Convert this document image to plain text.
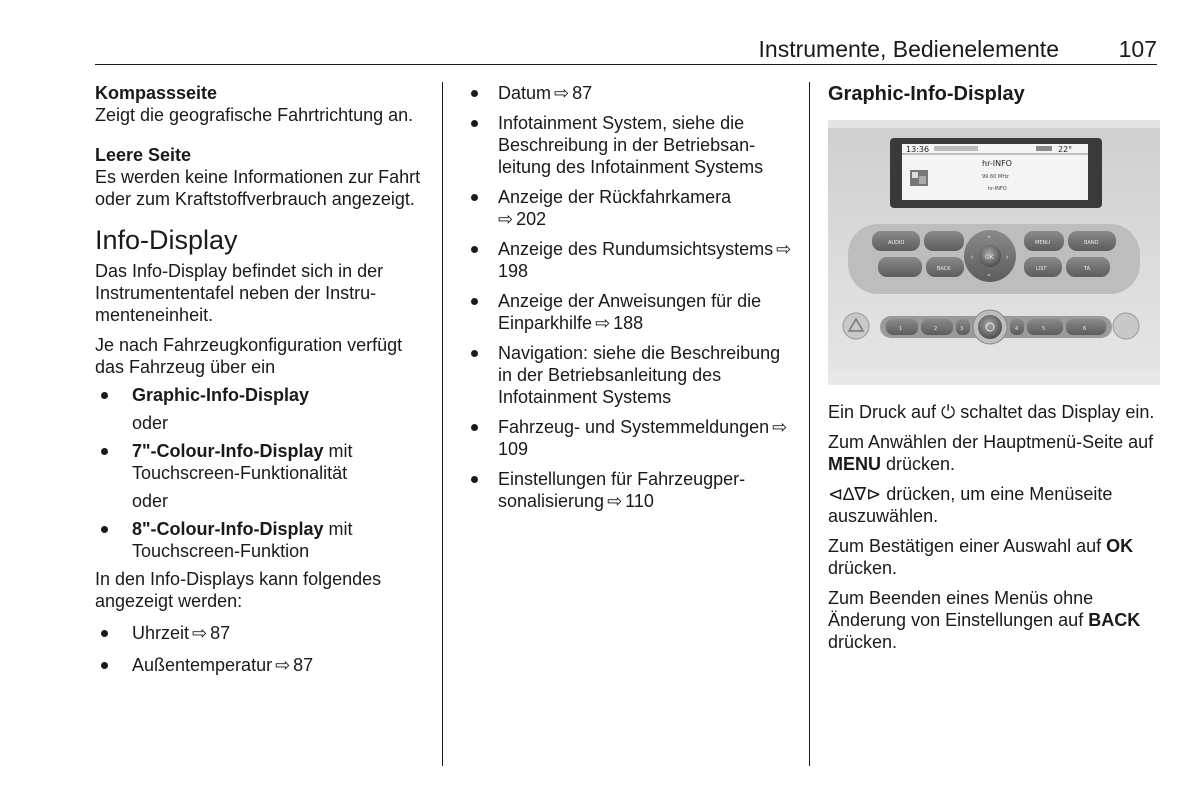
Instrumente, Bedienelemente	107

Kompassseite

Zeigt die geografische Fahrtrichtung an.

Leere Seite

Es werden keine Informationen zur Fahrt oder zum Kraftstoffverbrauch angezeigt.

Info-Display

Das Info-Display befindet sich in der Instrumententafel neben der Instrumenteneinheit.

Je nach Fahrzeugkonfiguration verfügt das Fahrzeug über ein

Graphic-Info-Display

oder

7"-Colour-Info-Display mit Touchscreen-Funktionalität

oder

8"-Colour-Info-Display mit Touchscreen-Funktion

In den Info-Displays kann folgendes angezeigt werden:

Uhrzeit ⇨ 87
Außentemperatur ⇨ 87
Datum ⇨ 87
Infotainment System, siehe die Beschreibung in der Betriebsanleitung des Infotainment Systems
Anzeige der Rückfahrkamera
⇨ 202
Anzeige des Rundumsichtsystems ⇨198
Anzeige der Anweisungen für die Einparkhilfe ⇨ 188
Navigation: siehe die Beschreibung in der Betriebsanleitung des Infotainment Systems
Fahrzeug- und Systemmeldungen ⇨109
Einstellungen für Fahrzeugpersonalisierung ⇨ 110

Graphic-Info-Display

13:36	22°
hr-INFO
99.60 MHz
hr-INFO
AUDIO	MENU	BAND
BACK	LIST	TA
OK
⌃
⌄
‹	›
1	2	3	4	5	6

Ein Druck auf ⏻ schaltet das Display ein.

Zum Anwählen der Hauptmenü-Seite auf MENU drücken.

⊲∆∇⊳ drücken, um eine Menüseite auszuwählen.

Zum Bestätigen einer Auswahl auf OK drücken.

Zum Beenden eines Menüs ohne Änderung von Einstellungen auf BACK drücken.
